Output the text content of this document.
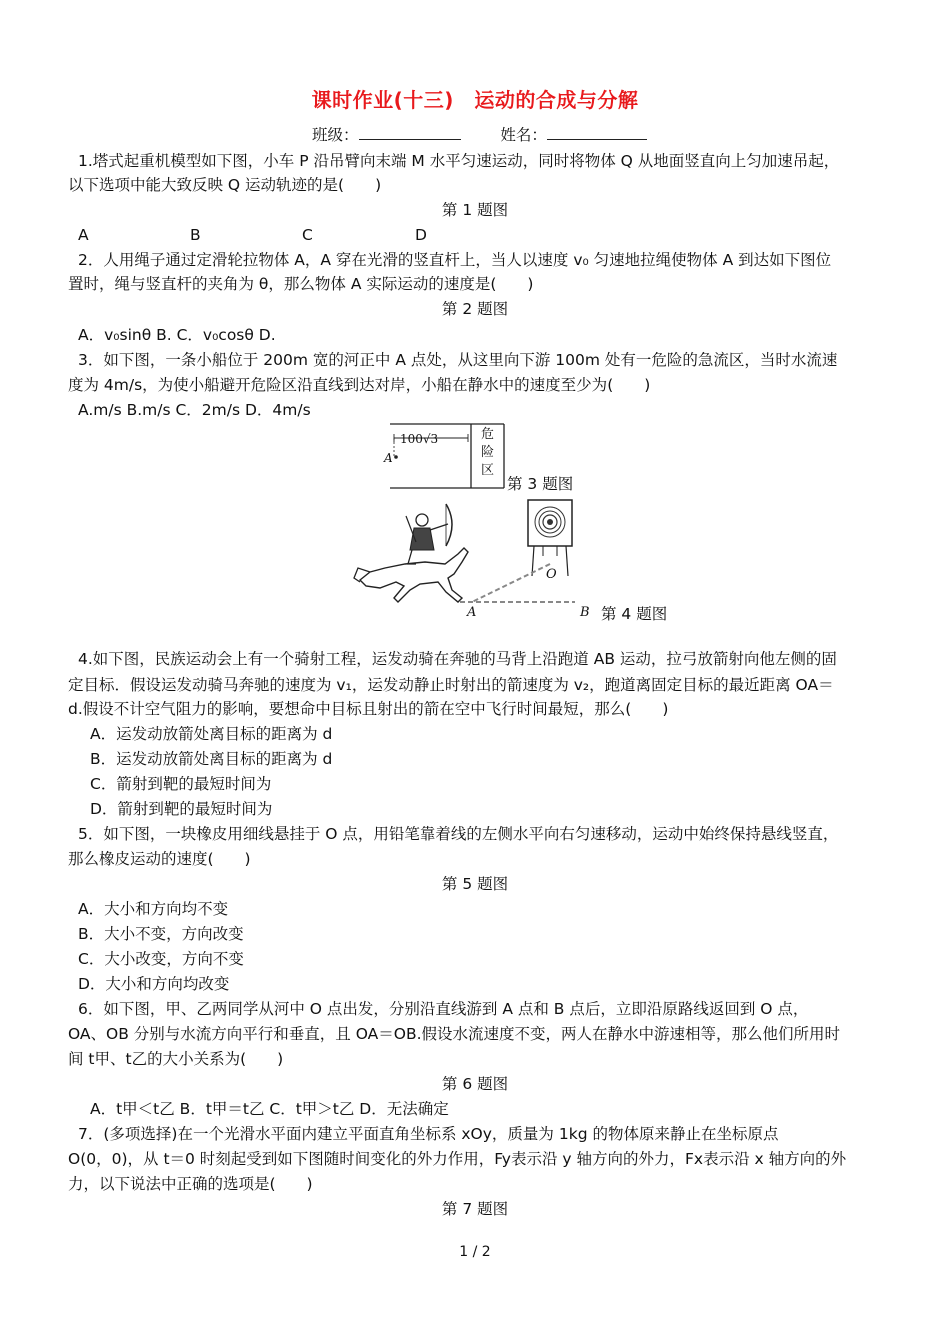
课时作业(十三)　运动的合成与分解
班级：	姓名：
1.塔式起重机模型如下图，小车 P 沿吊臂向末端 M 水平匀速运动，同时将物体 Q 从地面竖直向上匀加速吊起，
以下选项中能大致反映 Q 运动轨迹的是(　　)
第 1 题图
A	B	C	D
2．人用绳子通过定滑轮拉物体 A，A 穿在光滑的竖直杆上，当人以速度 v₀ 匀速地拉绳使物体 A 到达如下图位
置时，绳与竖直杆的夹角为 θ，那么物体 A 实际运动的速度是(　　)
第 2 题图
A．v₀sinθ B. C．v₀cosθ D.
3．如下图，一条小船位于 200m 宽的河正中 A 点处，从这里向下游 100m 处有一危险的急流区，当时水流速
度为 4m/s，为使小船避开危险区沿直线到达对岸，小船在静水中的速度至少为(　　)
A.m/s B.m/s C．2m/s D．4m/s
100√3
A
危
险
区
第 3 题图
O
A	B 第 4 题图
4.如下图，民族运动会上有一个骑射工程，运发动骑在奔驰的马背上沿跑道 AB 运动，拉弓放箭射向他左侧的固
定目标．假设运发动骑马奔驰的速度为 v₁，运发动静止时射出的箭速度为 v₂，跑道离固定目标的最近距离 OA＝
d.假设不计空气阻力的影响，要想命中目标且射出的箭在空中飞行时间最短，那么(　　)
A．运发动放箭处离目标的距离为 d
B．运发动放箭处离目标的距离为 d
C．箭射到靶的最短时间为
D．箭射到靶的最短时间为
5．如下图，一块橡皮用细线悬挂于 O 点，用铅笔靠着线的左侧水平向右匀速移动，运动中始终保持悬线竖直，
那么橡皮运动的速度(　　)
第 5 题图
A．大小和方向均不变
B．大小不变，方向改变
C．大小改变，方向不变
D．大小和方向均改变
6．如下图，甲、乙两同学从河中 O 点出发，分别沿直线游到 A 点和 B 点后，立即沿原路线返回到 O 点，
OA、OB 分别与水流方向平行和垂直，且 OA＝OB.假设水流速度不变，两人在静水中游速相等，那么他们所用时
间 t甲、t乙的大小关系为(　　)
第 6 题图
A．t甲＜t乙 B．t甲＝t乙 C．t甲＞t乙 D．无法确定
7．(多项选择)在一个光滑水平面内建立平面直角坐标系 xOy，质量为 1kg 的物体原来静止在坐标原点
O(0，0)，从 t＝0 时刻起受到如下图随时间变化的外力作用，Fy表示沿 y 轴方向的外力，Fx表示沿 x 轴方向的外
力，以下说法中正确的选项是(　　)
第 7 题图
1 / 2
